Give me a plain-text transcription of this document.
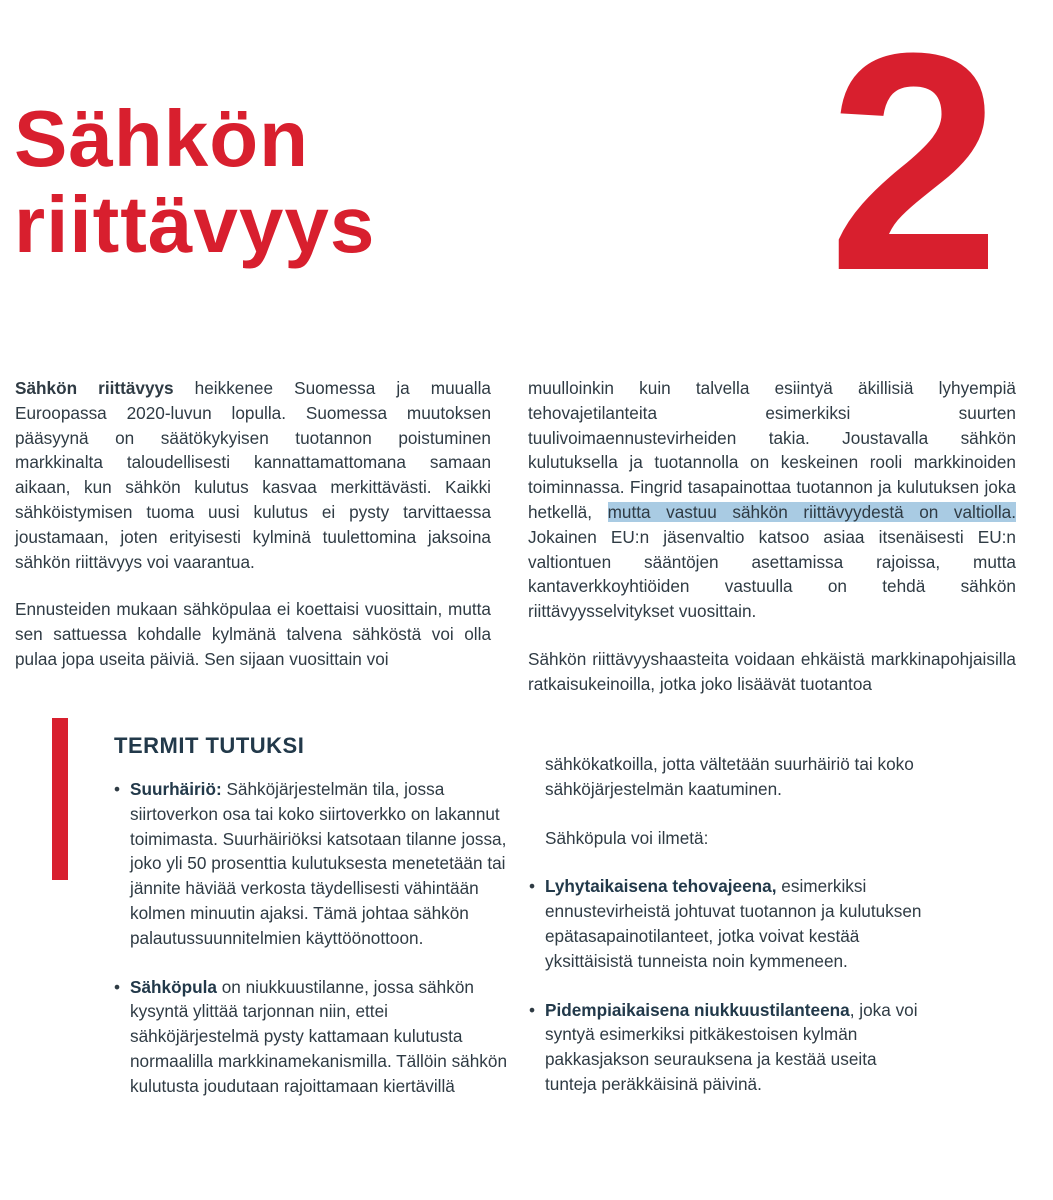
Sähkön
riittävyys 2

Sähkön riittävyys heikkenee Suomessa ja muualla Euroopassa 2020-luvun lopulla. Suomessa muutoksen pääsyynä on säätökykyisen tuotannon poistuminen markkinalta taloudellisesti kannattamattomana samaan aikaan, kun sähkön kulutus kasvaa merkittävästi. Kaikki sähköistymisen tuoma uusi kulutus ei pysty tarvittaessa joustamaan, joten erityisesti kylminä tuulettomina jaksoina sähkön riittävyys voi vaarantua.

Ennusteiden mukaan sähköpulaa ei koettaisi vuosittain, mutta sen sattuessa kohdalle kylmänä talvena sähköstä voi olla pulaa jopa useita päiviä. Sen sijaan vuosittain voi

muulloinkin kuin talvella esiintyä äkillisiä lyhyempiä tehovajetilanteita esimerkiksi suurten tuulivoimaennustevirheiden takia. Joustavalla sähkön kulutuksella ja tuotannolla on keskeinen rooli markkinoiden toiminnassa. Fingrid tasapainottaa tuotannon ja kulutuksen joka hetkellä, mutta vastuu sähkön riittävyydestä on valtiolla. Jokainen EU:n jäsenvaltio katsoo asiaa itsenäisesti EU:n valtiontuen sääntöjen asettamissa rajoissa, mutta kantaverkkoyhtiöiden vastuulla on tehdä sähkön riittävyysselvitykset vuosittain.

Sähkön riittävyyshaasteita voidaan ehkäistä markkinapohjaisilla ratkaisukeinoilla, jotka joko lisäävät tuotantoa

TERMIT TUTUKSI
• Suurhäiriö: Sähköjärjestelmän tila, jossa siirtoverkon osa tai koko siirtoverkko on lakannut toimimasta. Suurhäiriöksi katsotaan tilanne jossa, joko yli 50 prosenttia kulutuksesta menetetään tai jännite häviää verkosta täydellisesti vähintään kolmen minuutin ajaksi. Tämä johtaa sähkön palautussuunnitelmien käyttöönottoon.
• Sähköpula on niukkuustilanne, jossa sähkön kysyntä ylittää tarjonnan niin, ettei sähköjärjestelmä pysty kattamaan kulutusta normaalilla markkinamekanismilla. Tällöin sähkön kulutusta joudutaan rajoittamaan kiertävillä
sähkökatkoilla, jotta vältetään suurhäiriö tai koko sähköjärjestelmän kaatuminen.
Sähköpula voi ilmetä:
• Lyhytaikaisena tehovajeena, esimerkiksi ennustevirheistä johtuvat tuotannon ja kulutuksen epätasapainotilanteet, jotka voivat kestää yksittäisistä tunneista noin kymmeneen.
• Pidempiaikaisena niukkuustilanteena, joka voi syntyä esimerkiksi pitkäkestoisen kylmän pakkasjakson seurauksena ja kestää useita tunteja peräkkäisinä päivinä.
